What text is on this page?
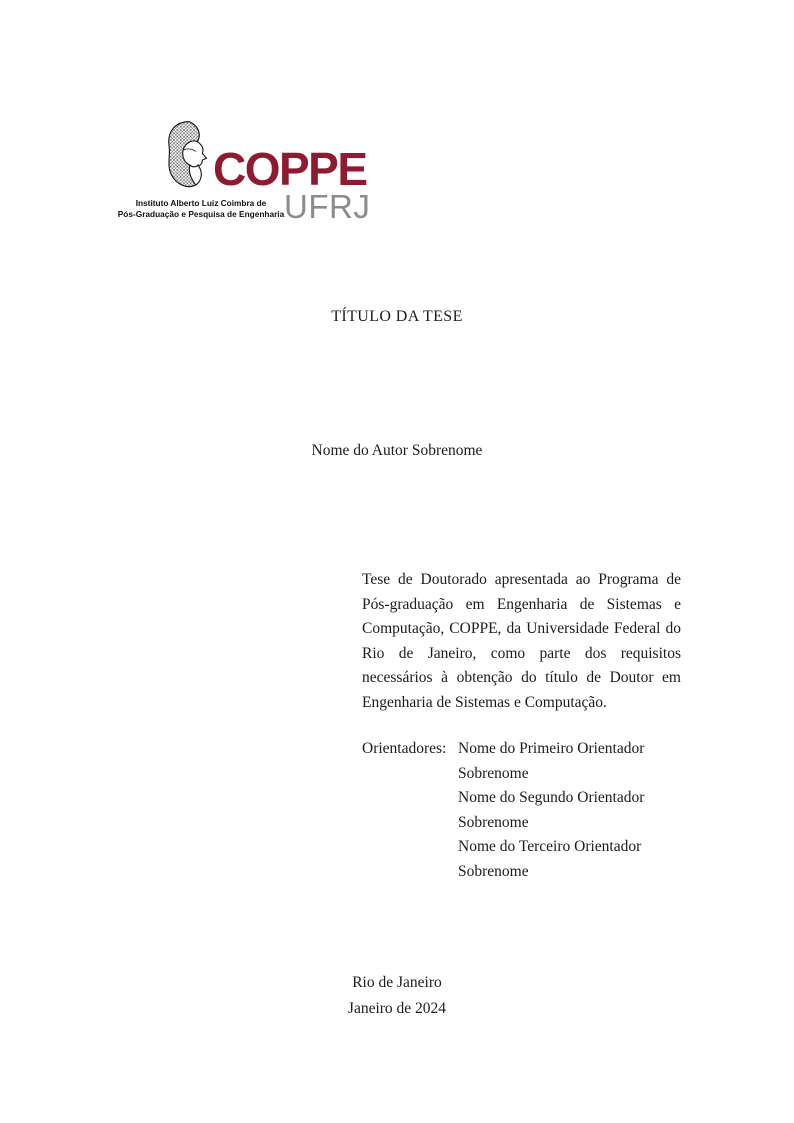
COPPE
UFRJ
Instituto Alberto Luiz Coimbra de
Pós-Graduação e Pesquisa de Engenharia
TÍTULO DA TESE
Nome do Autor Sobrenome
Tese de Doutorado apresentada ao Programa de Pós-graduação em Engenharia de Sistemas e Computação, COPPE, da Universidade Federal do Rio de Janeiro, como parte dos requisitos necessários à obtenção do título de Doutor em Engenharia de Sistemas e Computação.
Orientadores: Nome do Primeiro Orientador Sobrenome
Nome do Segundo Orientador Sobrenome
Nome do Terceiro Orientador Sobrenome
Rio de Janeiro
Janeiro de 2024
